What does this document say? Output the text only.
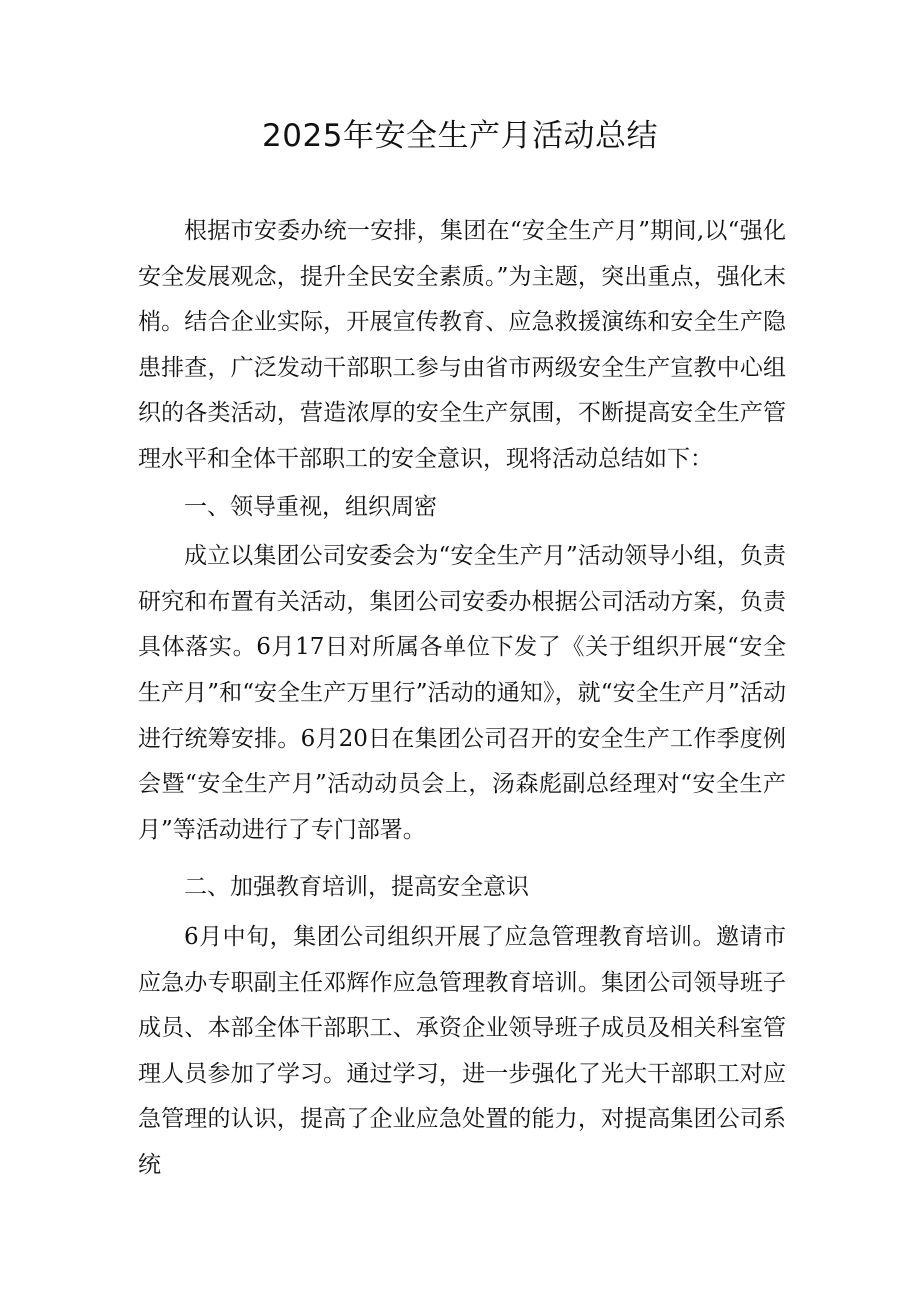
2025年安全生产月活动总结

根据市安委办统一安排，集团在“安全生产月”期间,以“强化安全发展观念，提升全民安全素质。”为主题，突出重点，强化末梢。结合企业实际，开展宣传教育、应急救援演练和安全生产隐患排查，广泛发动干部职工参与由省市两级安全生产宣教中心组织的各类活动，营造浓厚的安全生产氛围，不断提高安全生产管理水平和全体干部职工的安全意识，现将活动总结如下：

一、领导重视，组织周密

成立以集团公司安委会为“安全生产月”活动领导小组，负责研究和布置有关活动，集团公司安委办根据公司活动方案，负责具体落实。6月17日对所属各单位下发了《关于组织开展“安全生产月”和“安全生产万里行”活动的通知》，就“安全生产月”活动进行统筹安排。6月20日在集团公司召开的安全生产工作季度例会暨“安全生产月”活动动员会上，汤森彪副总经理对“安全生产月”等活动进行了专门部署。

二、加强教育培训，提高安全意识

6月中旬，集团公司组织开展了应急管理教育培训。邀请市应急办专职副主任邓辉作应急管理教育培训。集团公司领导班子成员、本部全体干部职工、承资企业领导班子成员及相关科室管理人员参加了学习。通过学习，进一步强化了光大干部职工对应急管理的认识，提高了企业应急处置的能力，对提高集团公司系统
